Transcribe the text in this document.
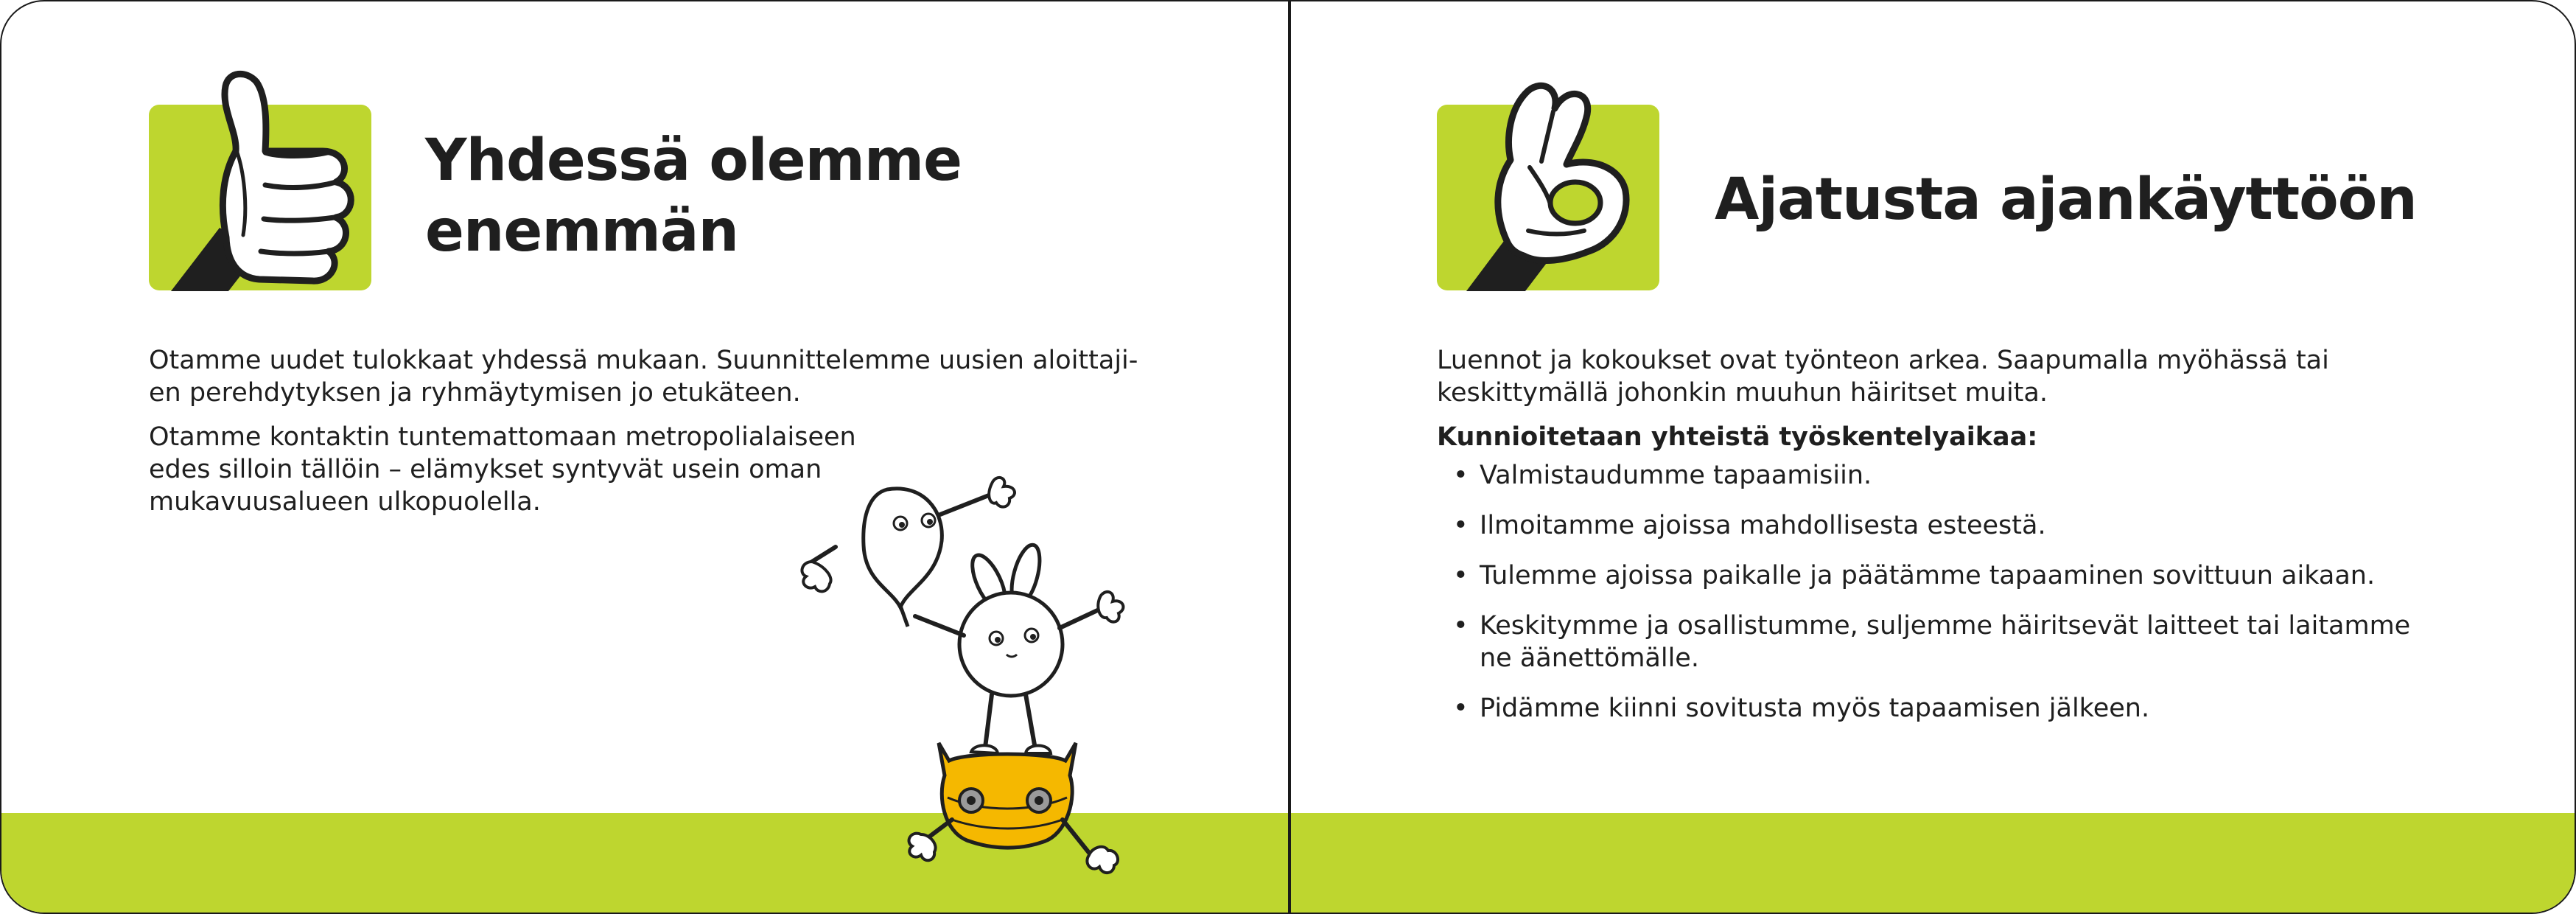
Yhdessä olemme
enemmän

Otamme uudet tulokkaat yhdessä mukaan. Suunnittelemme uusien aloittaji-
en perehdytyksen ja ryhmäytymisen jo etukäteen.

Otamme kontaktin tuntemattomaan metropolialaiseen
edes silloin tällöin – elämykset syntyvät usein oman
mukavuusalueen ulkopuolella.

Ajatusta ajankäyttöön

Luennot ja kokoukset ovat työnteon arkea. Saapumalla myöhässä tai
keskittymällä johonkin muuhun häiritset muita.

Kunnioitetaan yhteistä työskentelyaikaa:

• Valmistaudumme tapaamisiin.
• Ilmoitamme ajoissa mahdollisesta esteestä.
• Tulemme ajoissa paikalle ja päätämme tapaaminen sovittuun aikaan.
• Keskitymme ja osallistumme, suljemme häiritsevät laitteet tai laitamme
ne äänettömälle.
• Pidämme kiinni sovitusta myös tapaamisen jälkeen.
